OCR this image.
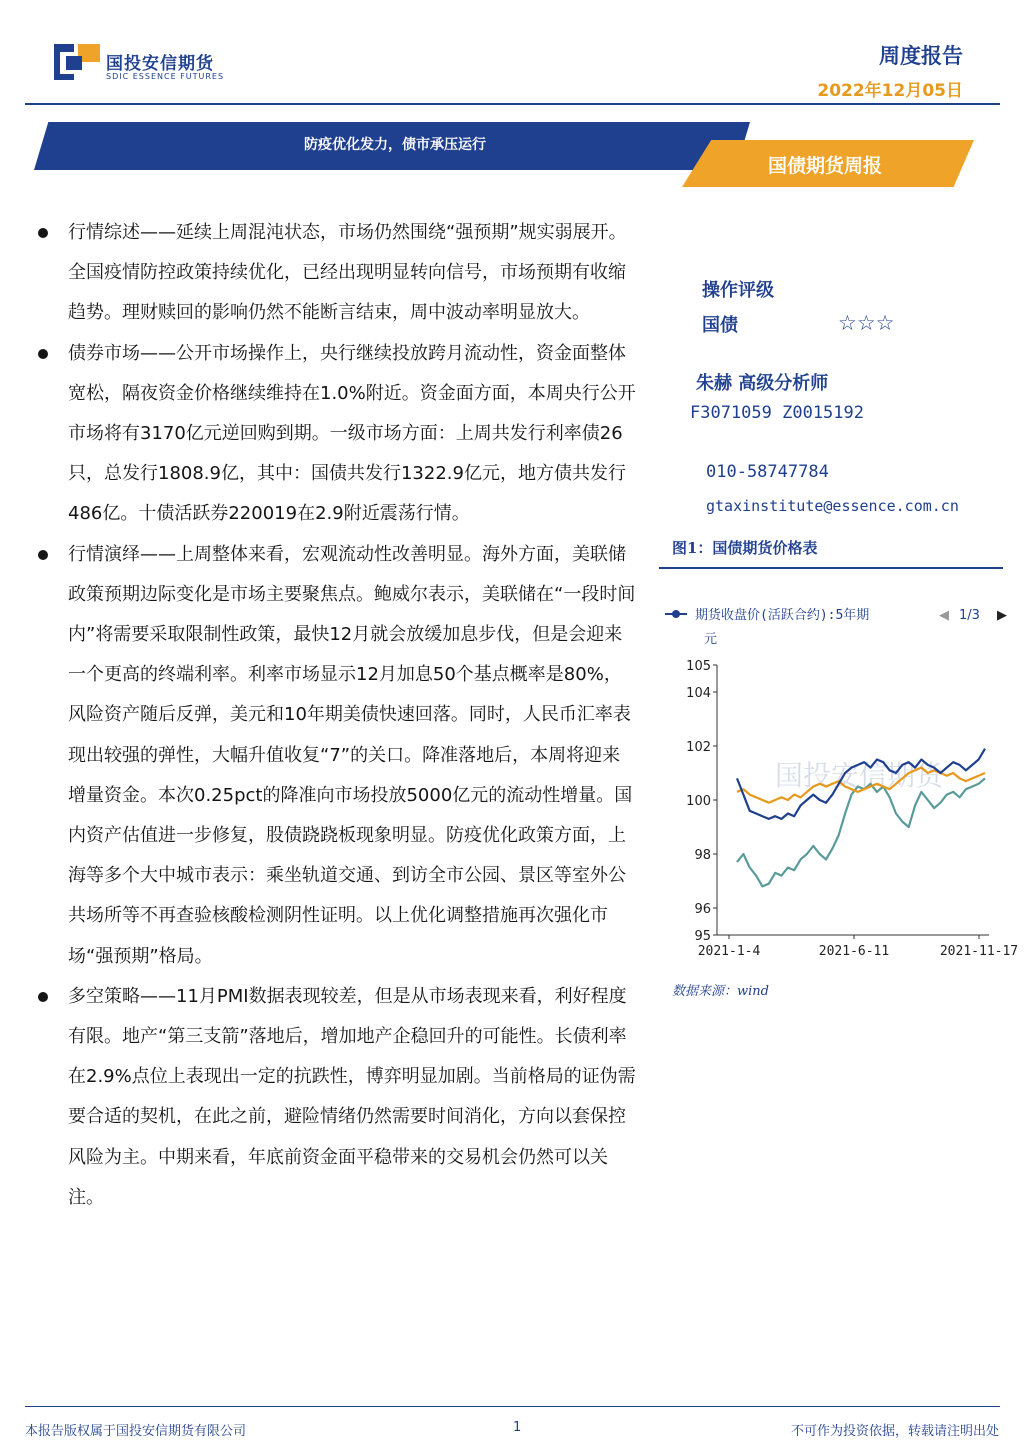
国投安信期货
SDIC ESSENCE FUTURES
周度报告
2022年12月05日
防疫优化发力，债市承压运行
国债期货周报

行情综述——延续上周混沌状态，市场仍然围绕“强预期”规实弱展开。全国疫情防控政策持续优化，已经出现明显转向信号，市场预期有收缩趋势。理财赎回的影响仍然不能断言结束，周中波动率明显放大。

债券市场——公开市场操作上，央行继续投放跨月流动性，资金面整体宽松，隔夜资金价格继续维持在1.0%附近。资金面方面，本周央行公开市场将有3170亿元逆回购到期。一级市场方面：上周共发行利率债26只，总发行1808.9亿，其中：国债共发行1322.9亿元，地方债共发行486亿。十债活跃券220019在2.9附近震荡行情。

行情演绎——上周整体来看，宏观流动性改善明显。海外方面，美联储政策预期边际变化是市场主要聚焦点。鲍威尔表示，美联储在“一段时间内”将需要采取限制性政策，最快12月就会放缓加息步伐，但是会迎来一个更高的终端利率。利率市场显示12月加息50个基点概率是80%，风险资产随后反弹，美元和10年期美债快速回落。同时，人民币汇率表现出较强的弹性，大幅升值收复“7”的关口。降准落地后，本周将迎来增量资金。本次0.25pct的降准向市场投放5000亿元的流动性增量。国内资产估值进一步修复，股债跷跷板现象明显。防疫优化政策方面，上海等多个大中城市表示：乘坐轨道交通、到访全市公园、景区等室外公共场所等不再查验核酸检测阴性证明。以上优化调整措施再次强化市场“强预期”格局。

多空策略——11月PMI数据表现较差，但是从市场表现来看，利好程度有限。地产“第三支箭”落地后，增加地产企稳回升的可能性。长债利率在2.9%点位上表现出一定的抗跌性，博弈明显加剧。当前格局的证伪需要合适的契机，在此之前，避险情绪仍然需要时间消化，方向以套保控风险为主。中期来看，年底前资金面平稳带来的交易机会仍然可以关注。

操作评级
国债	☆☆☆
朱赫 高级分析师
F3071059 Z0015192
010-58747784
gtaxinstitute@essence.com.cn
图1：国债期货价格表
期货收盘价(活跃合约):5年期	◀ 1/3 ▶
元
国投安信期货
95
96
98
100
102
104
105
2021-1-4	2021-6-11	2021-11-17
数据来源：wind
本报告版权属于国投安信期货有限公司	1	不可作为投资依据，转载请注明出处
